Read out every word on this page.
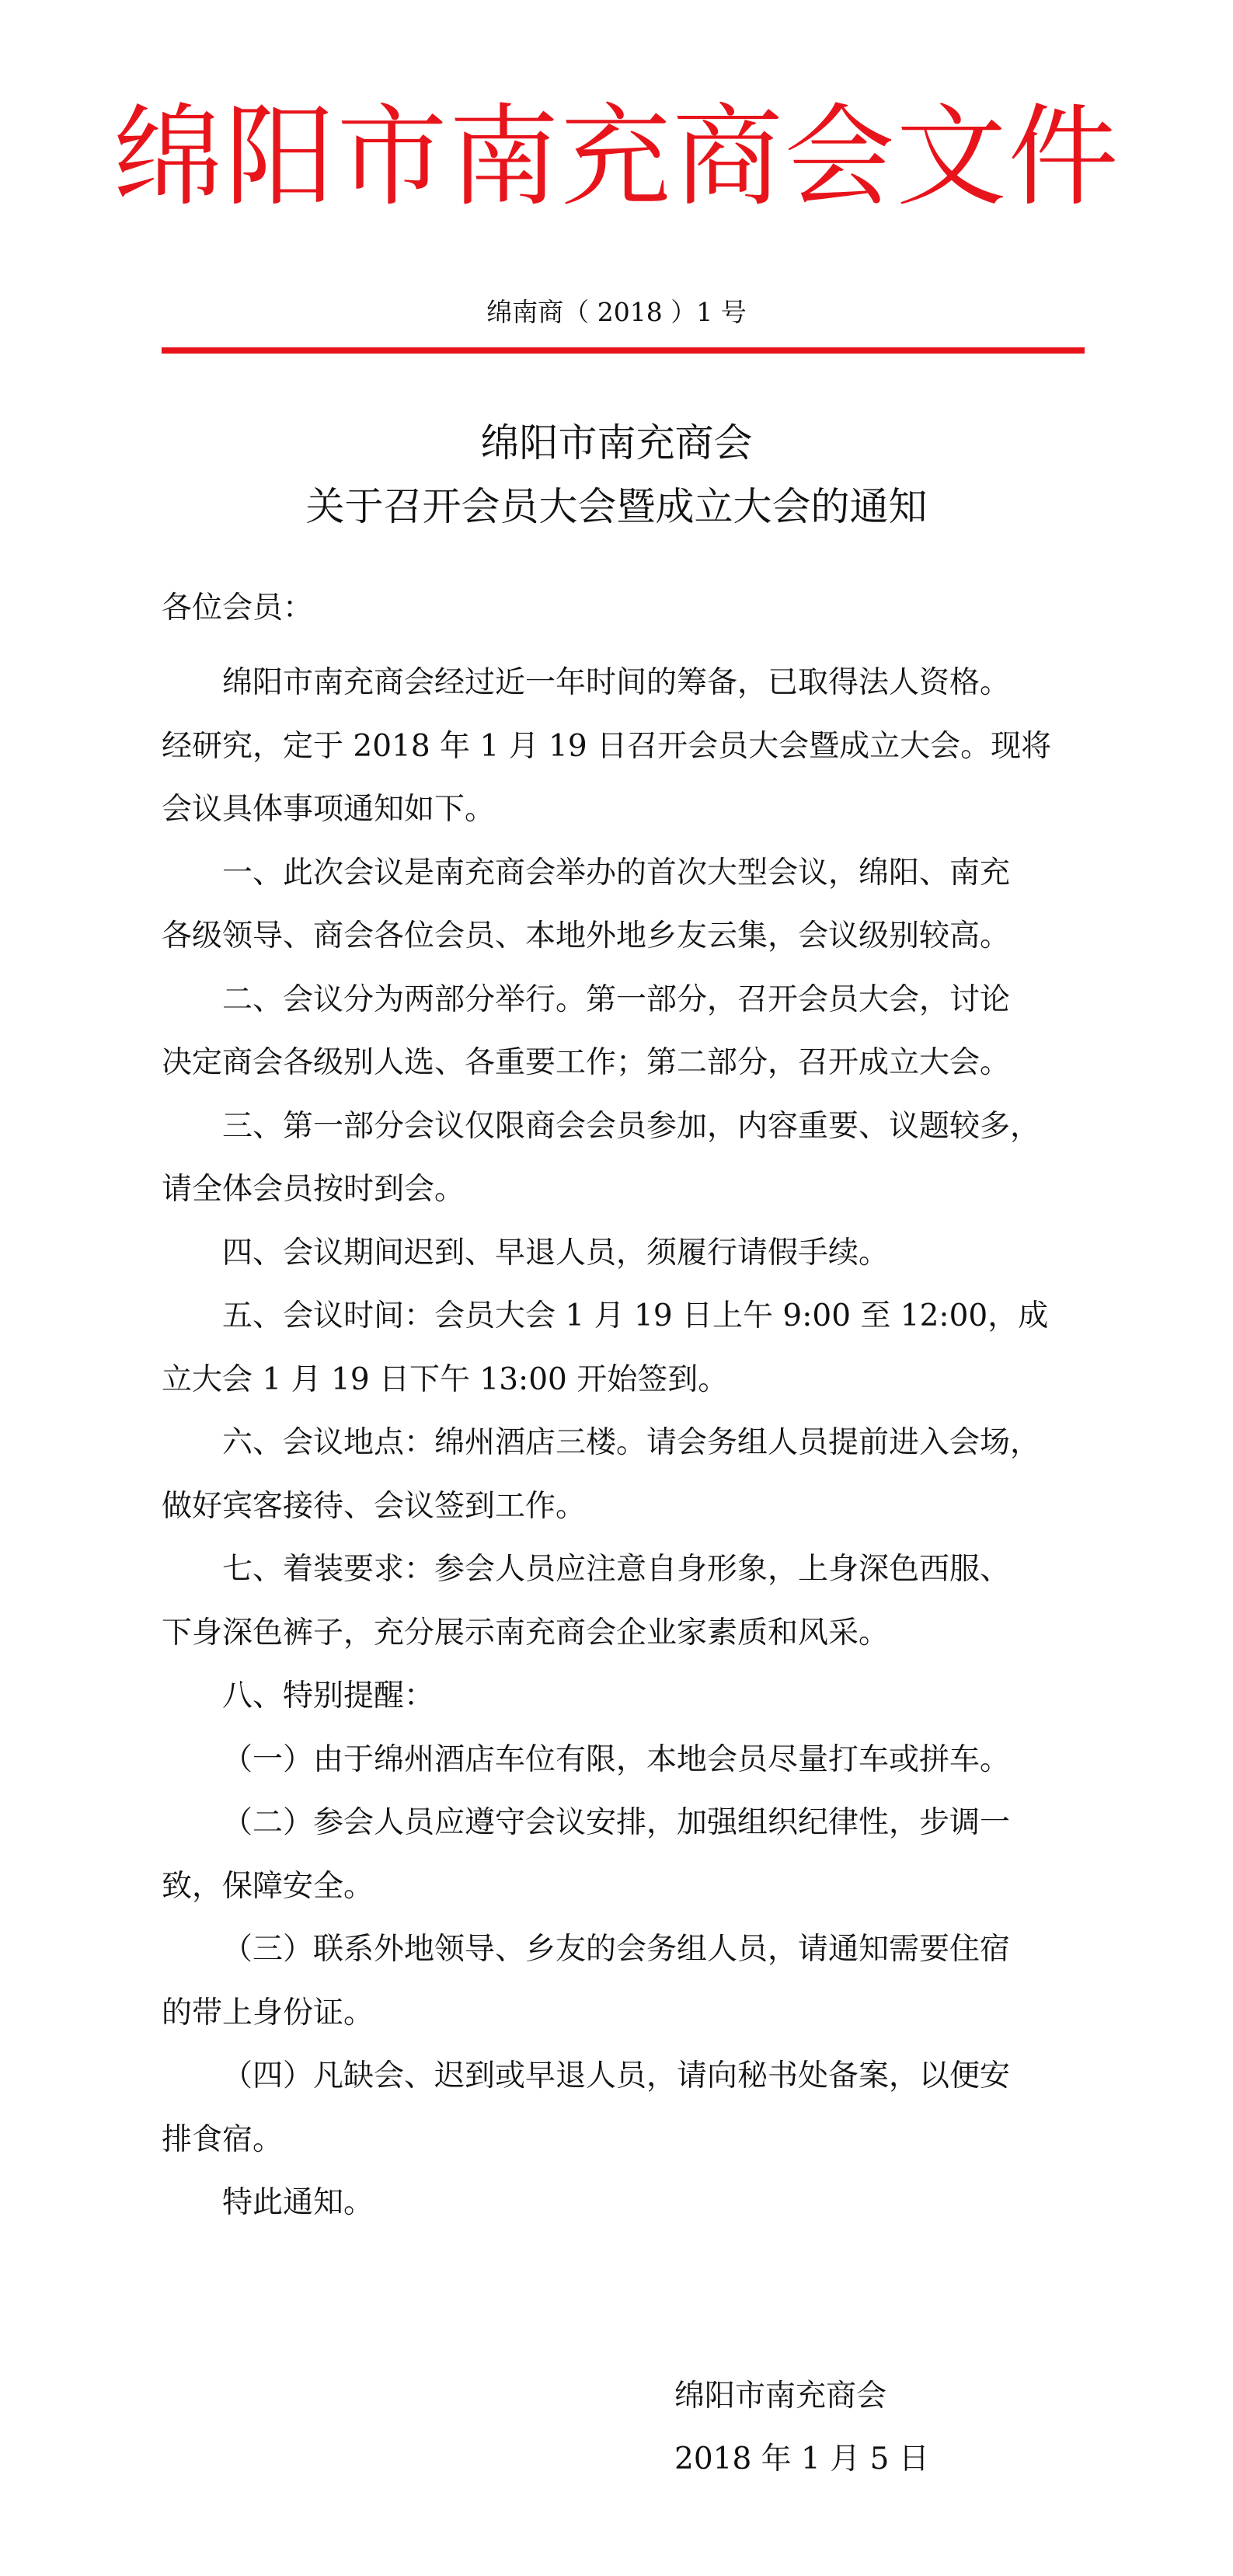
绵阳市南充商会文件
绵南商（ 2018 ）1 号
绵阳市南充商会
关于召开会员大会暨成立大会的通知
各位会员：

绵阳市南充商会经过近一年时间的筹备，已取得法人资格。
经研究，定于 2018 年 1 月 19 日召开会员大会暨成立大会。现将
会议具体事项通知如下。

一、此次会议是南充商会举办的首次大型会议，绵阳、南充
各级领导、商会各位会员、本地外地乡友云集，会议级别较高。

二、会议分为两部分举行。第一部分，召开会员大会，讨论
决定商会各级别人选、各重要工作；第二部分，召开成立大会。

三、第一部分会议仅限商会会员参加，内容重要、议题较多，
请全体会员按时到会。

四、会议期间迟到、早退人员，须履行请假手续。

五、会议时间：会员大会 1 月 19 日上午 9:00 至 12:00，成
立大会 1 月 19 日下午 13:00 开始签到。

六、会议地点：绵州酒店三楼。请会务组人员提前进入会场，
做好宾客接待、会议签到工作。

七、着装要求：参会人员应注意自身形象，上身深色西服、
下身深色裤子，充分展示南充商会企业家素质和风采。

八、特别提醒：

（一）由于绵州酒店车位有限，本地会员尽量打车或拼车。

（二）参会人员应遵守会议安排，加强组织纪律性，步调一
致，保障安全。

（三）联系外地领导、乡友的会务组人员，请通知需要住宿
的带上身份证。

（四）凡缺会、迟到或早退人员，请向秘书处备案，以便安
排食宿。

特此通知。

绵阳市南充商会
2018 年 1 月 5 日
